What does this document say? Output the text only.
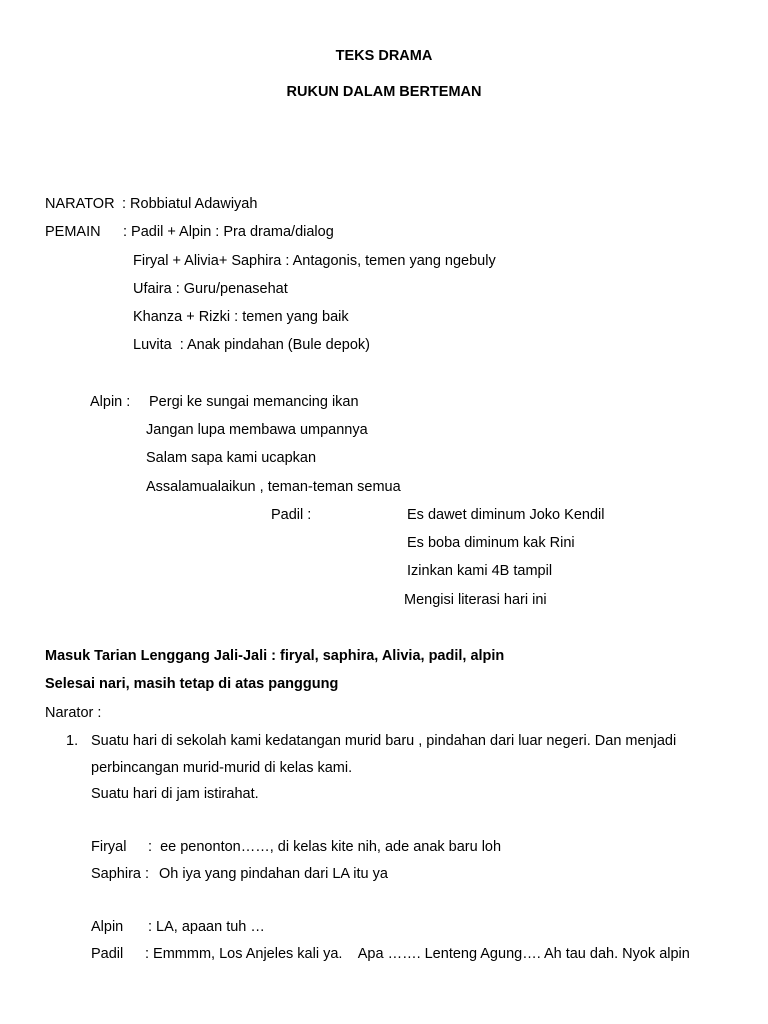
TEKS DRAMA
RUKUN DALAM BERTEMAN
NARATOR : Robbiatul Adawiyah
PEMAIN : Padil + Alpin : Pra drama/dialog
Firyal + Alivia+ Saphira : Antagonis, temen yang ngebuly
Ufaira : Guru/penasehat
Khanza + Rizki : temen yang baik
Luvita  : Anak pindahan (Bule depok)
Alpin : Pergi ke sungai memancing ikan
Jangan lupa membawa umpannya
Salam sapa kami ucapkan
Assalamualaikun , teman-teman semua
Padil :	Es dawet diminum Joko Kendil
Es boba diminum kak Rini
Izinkan kami 4B tampil
Mengisi literasi hari ini
Masuk Tarian Lenggang Jali-Jali : firyal, saphira, Alivia, padil, alpin
Selesai nari, masih tetap di atas panggung
Narator :
1. Suatu hari di sekolah kami kedatangan murid baru , pindahan dari luar negeri. Dan menjadi
perbincangan murid-murid di kelas kami.
Suatu hari di jam istirahat.
Firyal :  ee penonton……, di kelas kite nih, ade anak baru loh
Saphira : Oh iya yang pindahan dari LA itu ya
Alpin : LA, apaan tuh …
Padil : Emmmm, Los Anjeles kali ya.    Apa ……. Lenteng Agung…. Ah tau dah. Nyok alpin
